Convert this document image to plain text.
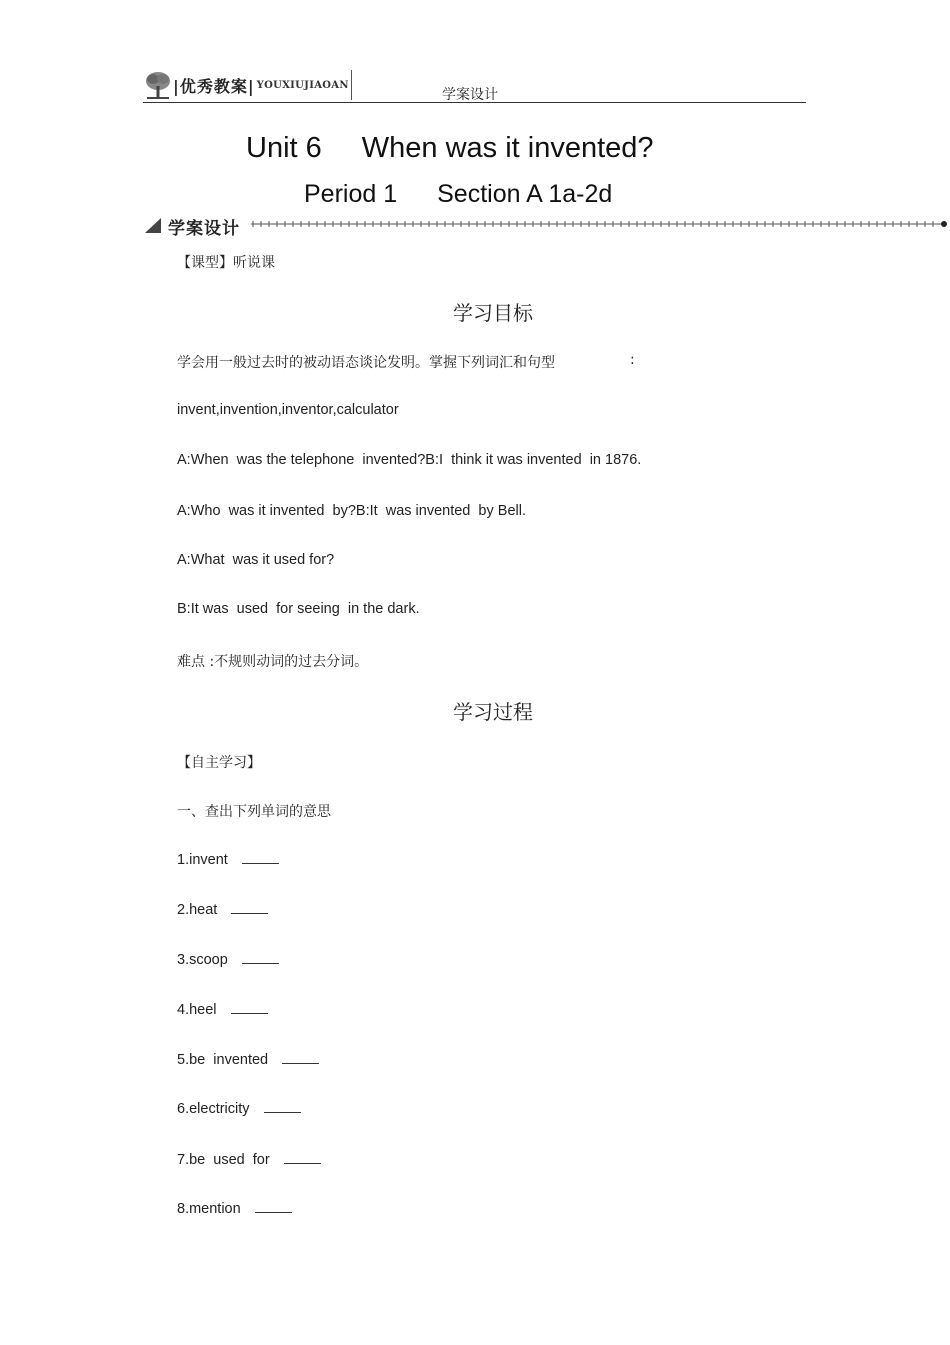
|优秀教案| YOUXIUJIAOAN
学案设计
Unit 6 When was it invented?
Period 1 Section A 1a-2d
学案设计
【课型】听说课
学习目标
学会用一般过去时的被动语态谈论发明。掌握下列词汇和句型	:
invent,invention,inventor,calculator
A:When  was the telephone  invented?B:I  think it was invented  in 1876.
A:Who  was it invented  by?B:It  was invented  by Bell.
A:What  was it used for?
B:It was  used  for seeing  in the dark.
难点 :不规则动词的过去分词。
学习过程
【自主学习】
一、查出下列单词的意思
1.invent
2.heat
3.scoop
4.heel
5.be  invented
6.electricity
7.be  used  for
8.mention
